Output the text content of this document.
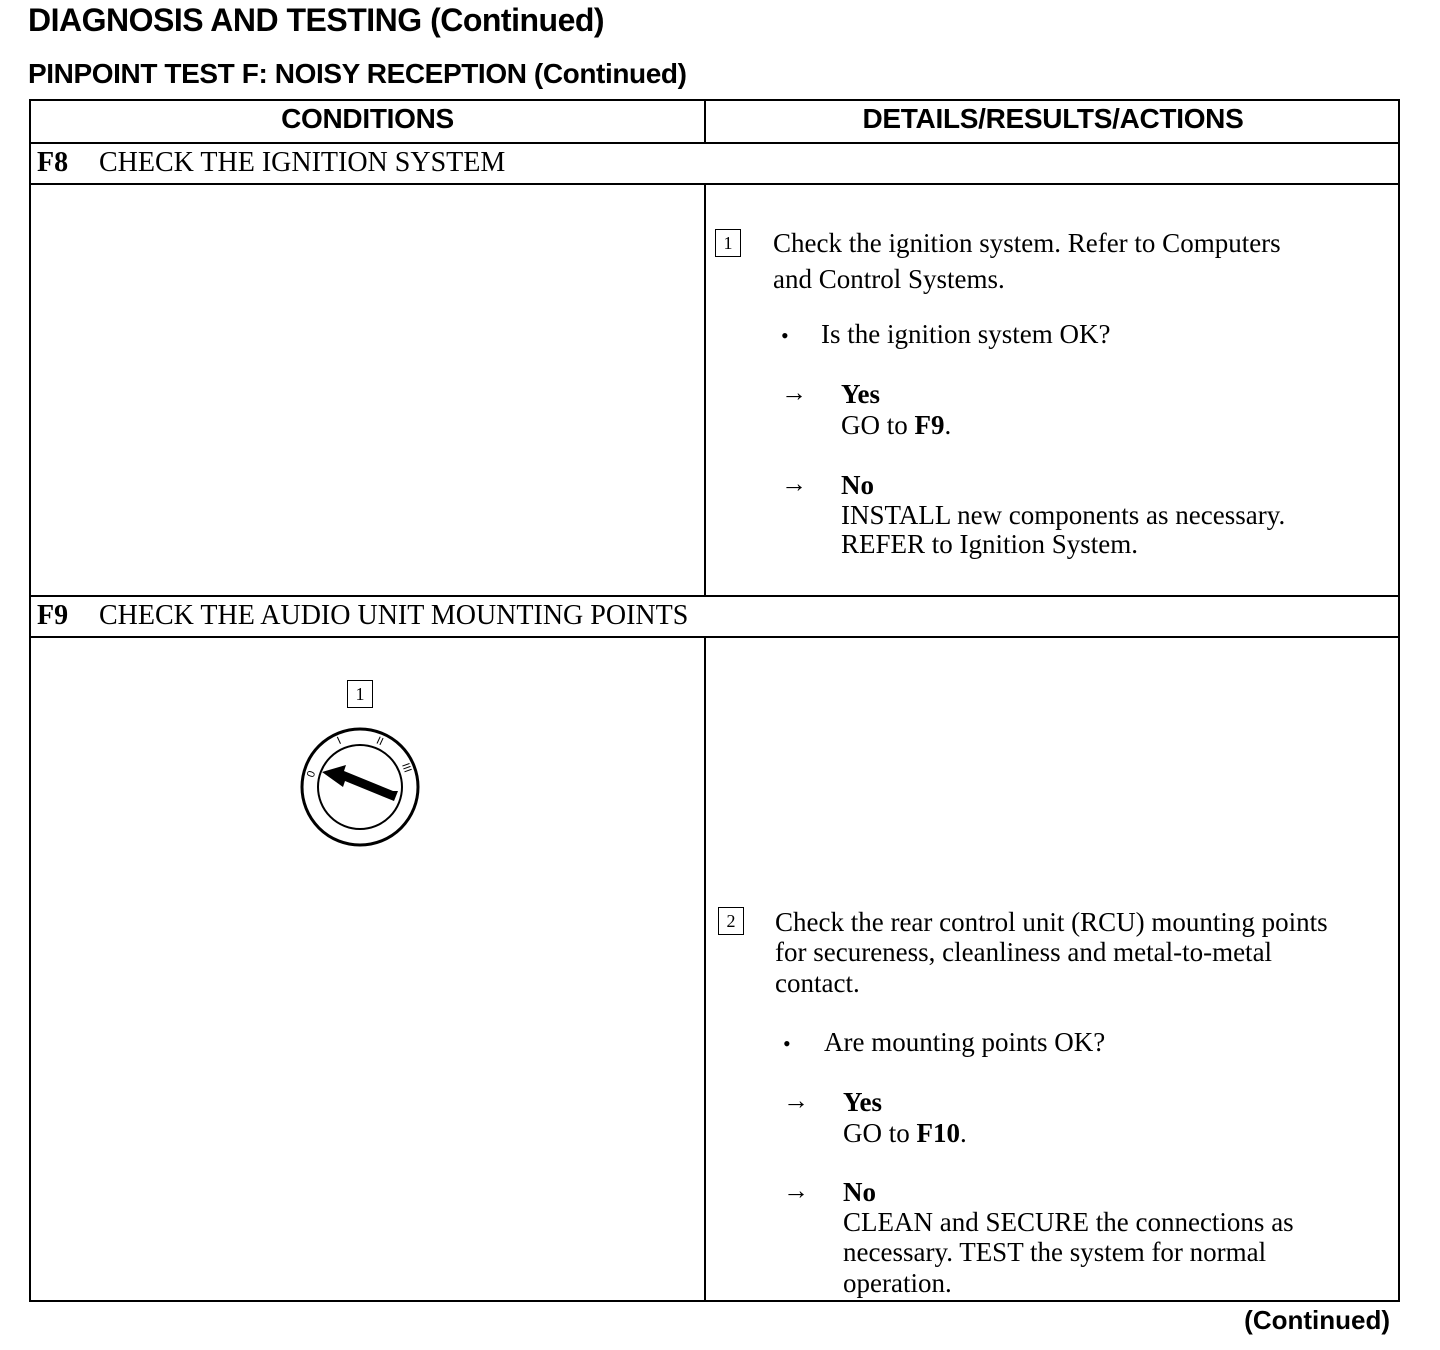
DIAGNOSIS AND TESTING (Continued)
PINPOINT TEST F: NOISY RECEPTION (Continued)
CONDITIONS	DETAILS/RESULTS/ACTIONS
F8 CHECK THE IGNITION SYSTEM
1	Check the ignition system. Refer to Computers
and Control Systems.
• Is the ignition system OK?
→ Yes
GO to F9.
→ No
INSTALL new components as necessary.
REFER to Ignition System.
F9 CHECK THE AUDIO UNIT MOUNTING POINTS
1
0
I	II
III
2	Check the rear control unit (RCU) mounting points
for secureness, cleanliness and metal-to-metal
contact.
• Are mounting points OK?
→ Yes
GO to F10.
→ No
CLEAN and SECURE the connections as
necessary. TEST the system for normal
operation.
(Continued)
